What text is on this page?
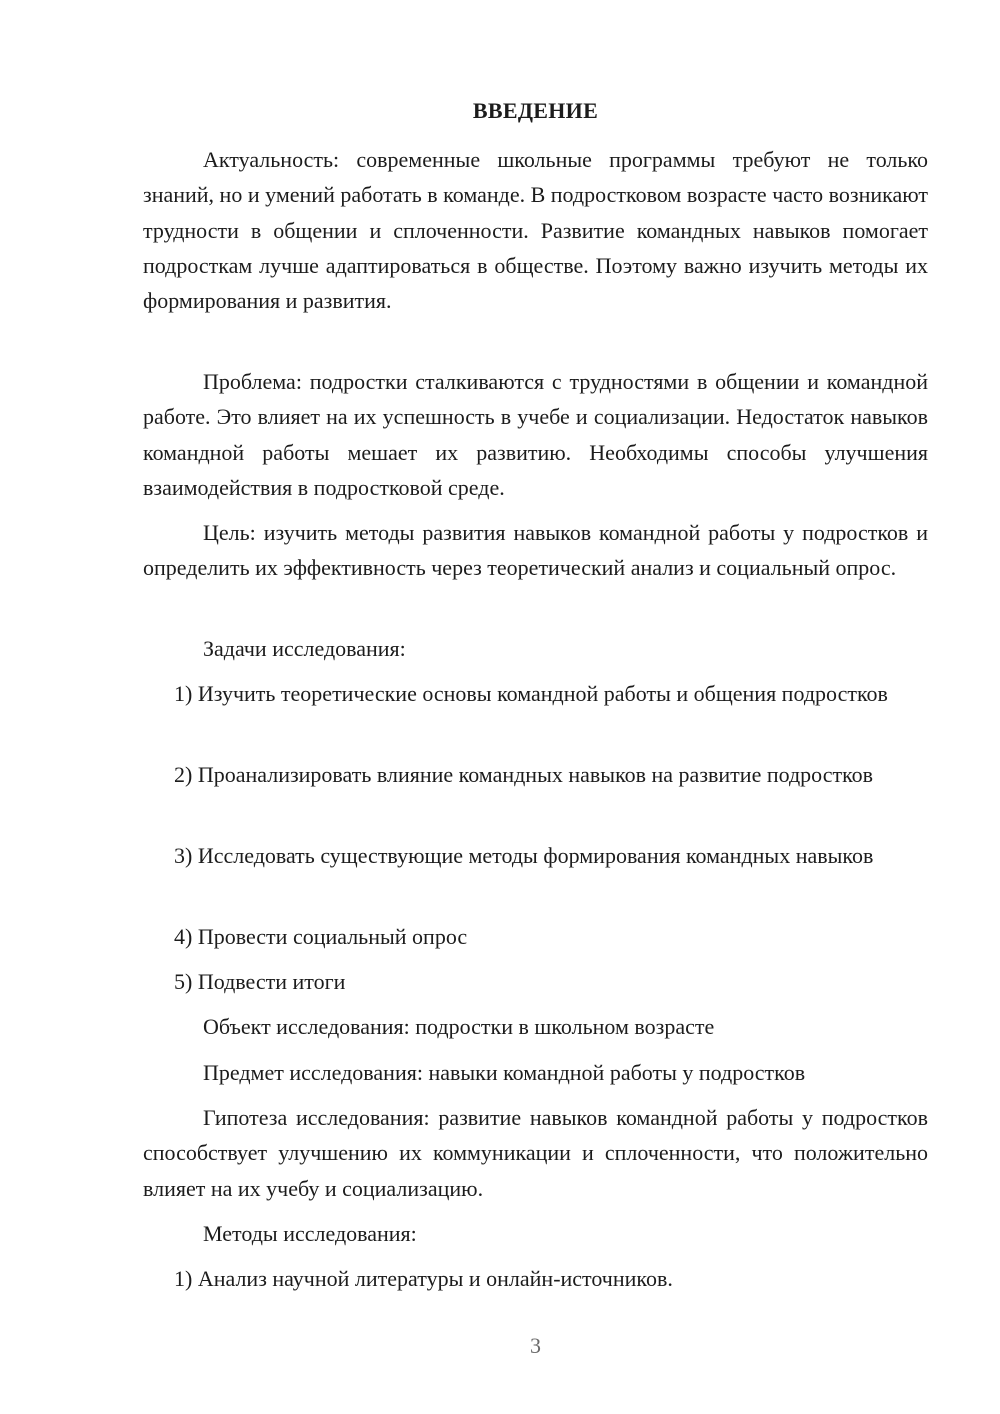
ВВЕДЕНИЕ

Актуальность: современные школьные программы требуют не только знаний, но и умений работать в команде. В подростковом возрасте часто возникают трудности в общении и сплоченности. Развитие командных навыков помогает подросткам лучше адаптироваться в обществе. Поэтому важно изучить методы их формирования и развития.

Проблема: подростки сталкиваются с трудностями в общении и командной работе. Это влияет на их успешность в учебе и социализации. Недостаток навыков командной работы мешает их развитию. Необходимы способы улучшения взаимодействия в подростковой среде.

Цель: изучить методы развития навыков командной работы у подростков и определить их эффективность через теоретический анализ и социальный опрос.

Задачи исследования:

1) Изучить теоретические основы командной работы и общения подростков

2) Проанализировать влияние командных навыков на развитие подростков

3) Исследовать существующие методы формирования командных навыков

4) Провести социальный опрос

5) Подвести итоги

Объект исследования: подростки в школьном возрасте

Предмет исследования: навыки командной работы у подростков

Гипотеза исследования: развитие навыков командной работы у подростков способствует улучшению их коммуникации и сплоченности, что положительно влияет на их учебу и социализацию.

Методы исследования:

1) Анализ научной литературы и онлайн-источников.

3
